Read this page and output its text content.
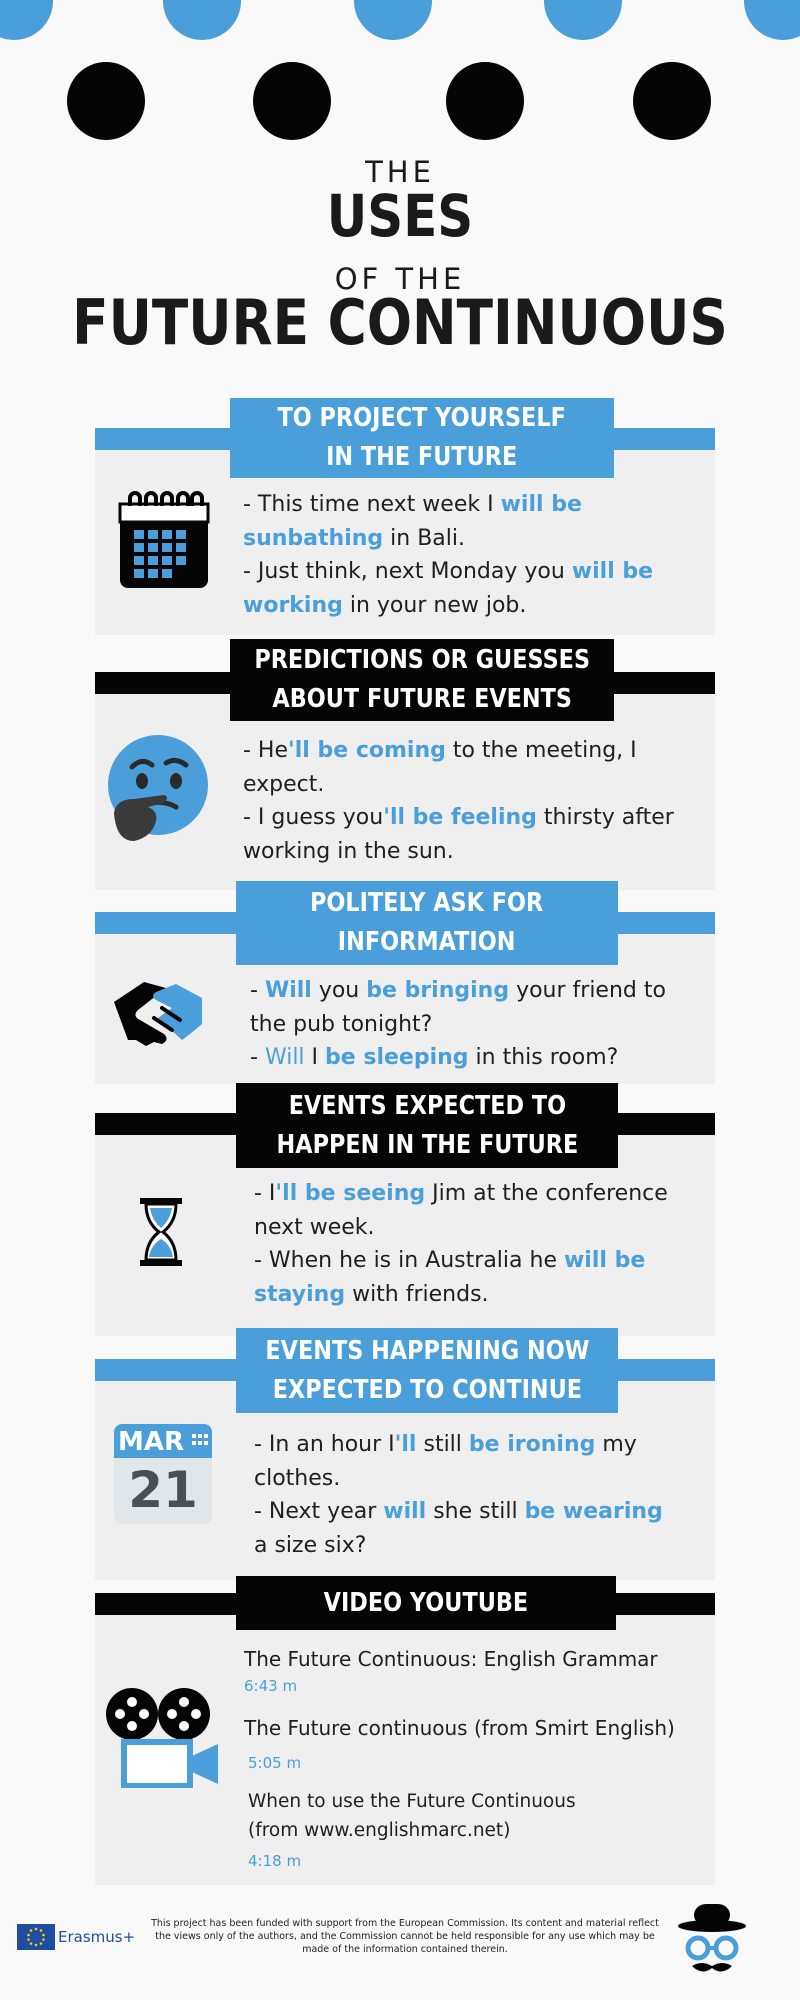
THE
USES
OF THE
FUTURE CONTINUOUS
TO PROJECT YOURSELF
IN THE FUTURE
- This time next week I will be
sunbathing in Bali.
- Just think, next Monday you will be
working in your new job.
PREDICTIONS OR GUESSES
ABOUT FUTURE EVENTS
- He'll be coming to the meeting, I
expect.
- I guess you'll be feeling thirsty after
working in the sun.
POLITELY ASK FOR
INFORMATION
- Will you be bringing your friend to
the pub tonight?
- Will I be sleeping in this room?
EVENTS EXPECTED TO
HAPPEN IN THE FUTURE
- I'll be seeing Jim at the conference
next week.
- When he is in Australia he will be
staying with friends.
EVENTS HAPPENING NOW
EXPECTED TO CONTINUE
MAR
21
- In an hour I'll still be ironing my
clothes.
- Next year will she still be wearing
a size six?
VIDEO YOUTUBE
The Future Continuous: English Grammar
6:43 m
The Future continuous (from Smirt English)
5:05 m
When to use the Future Continuous
(from www.englishmarc.net)
4:18 m
Erasmus+
This project has been funded with support from the European Commission. Its content and material reflect the views only of the authors, and the Commission cannot be held responsible for any use which may be made of the information contained therein.
